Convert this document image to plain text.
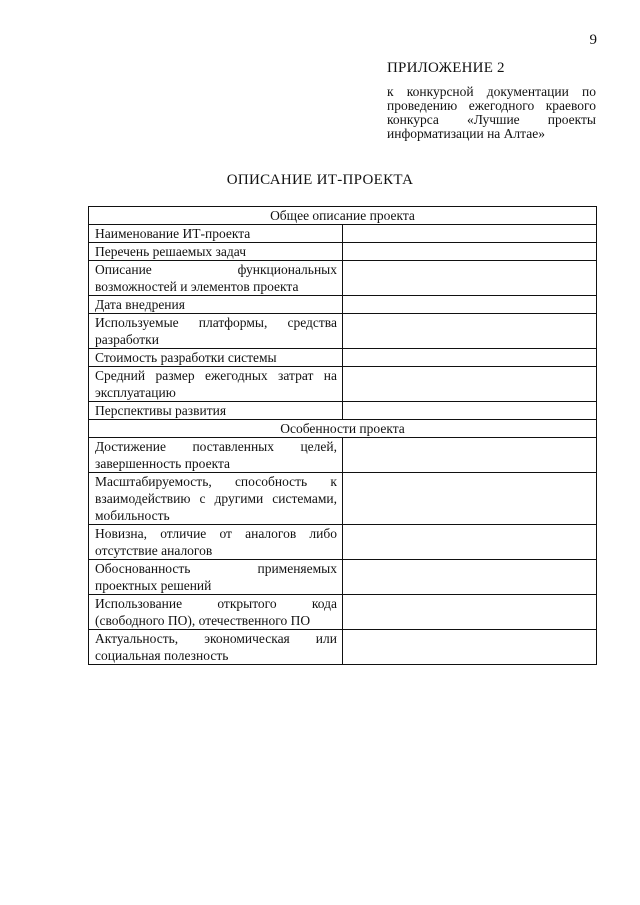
9
ПРИЛОЖЕНИЕ 2
к конкурсной документации по проведению ежегодного краевого конкурса «Лучшие проекты информатизации на Алтае»
ОПИСАНИЕ ИТ-ПРОЕКТА
Общее описание проекта	
Наименование ИТ-проекта	
Перечень решаемых задач	
Описание функциональных возможностей и элементов проекта	
Дата внедрения	
Используемые платформы, средства разработки	
Стоимость разработки системы	
Средний размер ежегодных затрат на эксплуатацию	
Перспективы развития	
Особенности проекта	
Достижение поставленных целей, завершенность проекта	
Масштабируемость, способность к взаимодействию с другими системами, мобильность	
Новизна, отличие от аналогов либо отсутствие аналогов	
Обоснованность применяемых проектных решений	
Использование открытого кода (свободного ПО), отечественного ПО	
Актуальность, экономическая или социальная полезность	
